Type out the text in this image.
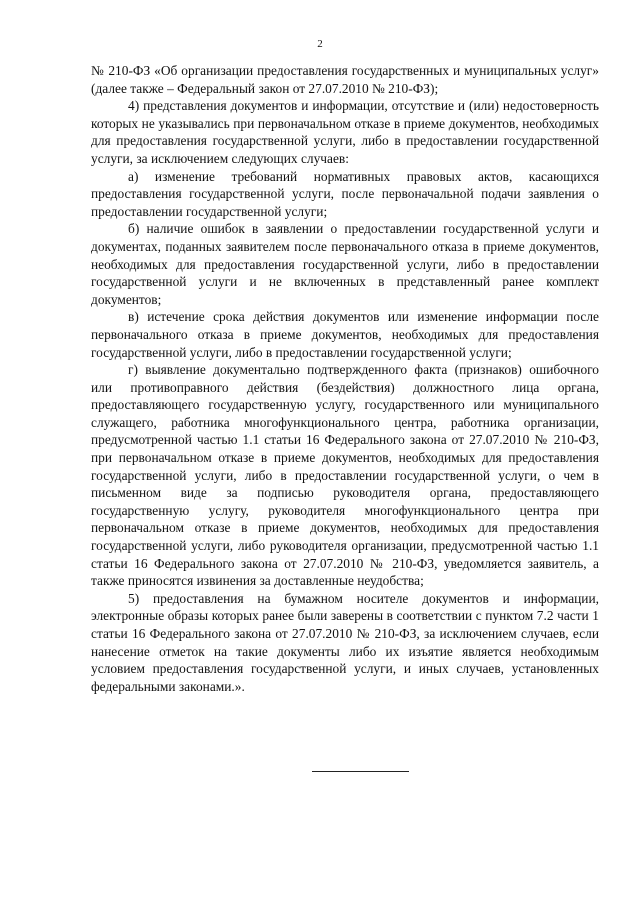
2

№ 210-ФЗ «Об организации предоставления государственных и муниципальных услуг» (далее также – Федеральный закон от 27.07.2010 № 210-ФЗ);

4) представления документов и информации, отсутствие и (или) недостоверность которых не указывались при первоначальном отказе в приеме документов, необходимых для предоставления государственной услуги, либо в предоставлении государственной услуги, за исключением следующих случаев:

а) изменение требований нормативных правовых актов, касающихся предоставления государственной услуги, после первоначальной подачи заявления о предоставлении государственной услуги;

б) наличие ошибок в заявлении о предоставлении государственной услуги и документах, поданных заявителем после первоначального отказа в приеме документов, необходимых для предоставления государственной услуги, либо в предоставлении государственной услуги и не включенных в представленный ранее комплект документов;

в) истечение срока действия документов или изменение информации после первоначального отказа в приеме документов, необходимых для предоставления государственной услуги, либо в предоставлении государственной услуги;

г) выявление документально подтвержденного факта (признаков) ошибочного или противоправного действия (бездействия) должностного лица органа, предоставляющего государственную услугу, государственного или муниципального служащего, работника многофункционального центра, работника организации, предусмотренной частью 1.1 статьи 16 Федерального закона от 27.07.2010 № 210-ФЗ, при первоначальном отказе в приеме документов, необходимых для предоставления государственной услуги, либо в предоставлении государственной услуги, о чем в письменном виде за подписью руководителя органа, предоставляющего государственную услугу, руководителя многофункционального центра при первоначальном отказе в приеме документов, необходимых для предоставления государственной услуги, либо руководителя организации, предусмотренной частью 1.1 статьи 16 Федерального закона от 27.07.2010 № 210-ФЗ, уведомляется заявитель, а также приносятся извинения за доставленные неудобства;

5) предоставления на бумажном носителе документов и информации, электронные образы которых ранее были заверены в соответствии с пунктом 7.2 части 1 статьи 16 Федерального закона от 27.07.2010 № 210-ФЗ, за исключением случаев, если нанесение отметок на такие документы либо их изъятие является необходимым условием предоставления государственной услуги, и иных случаев, установленных федеральными законами.».
